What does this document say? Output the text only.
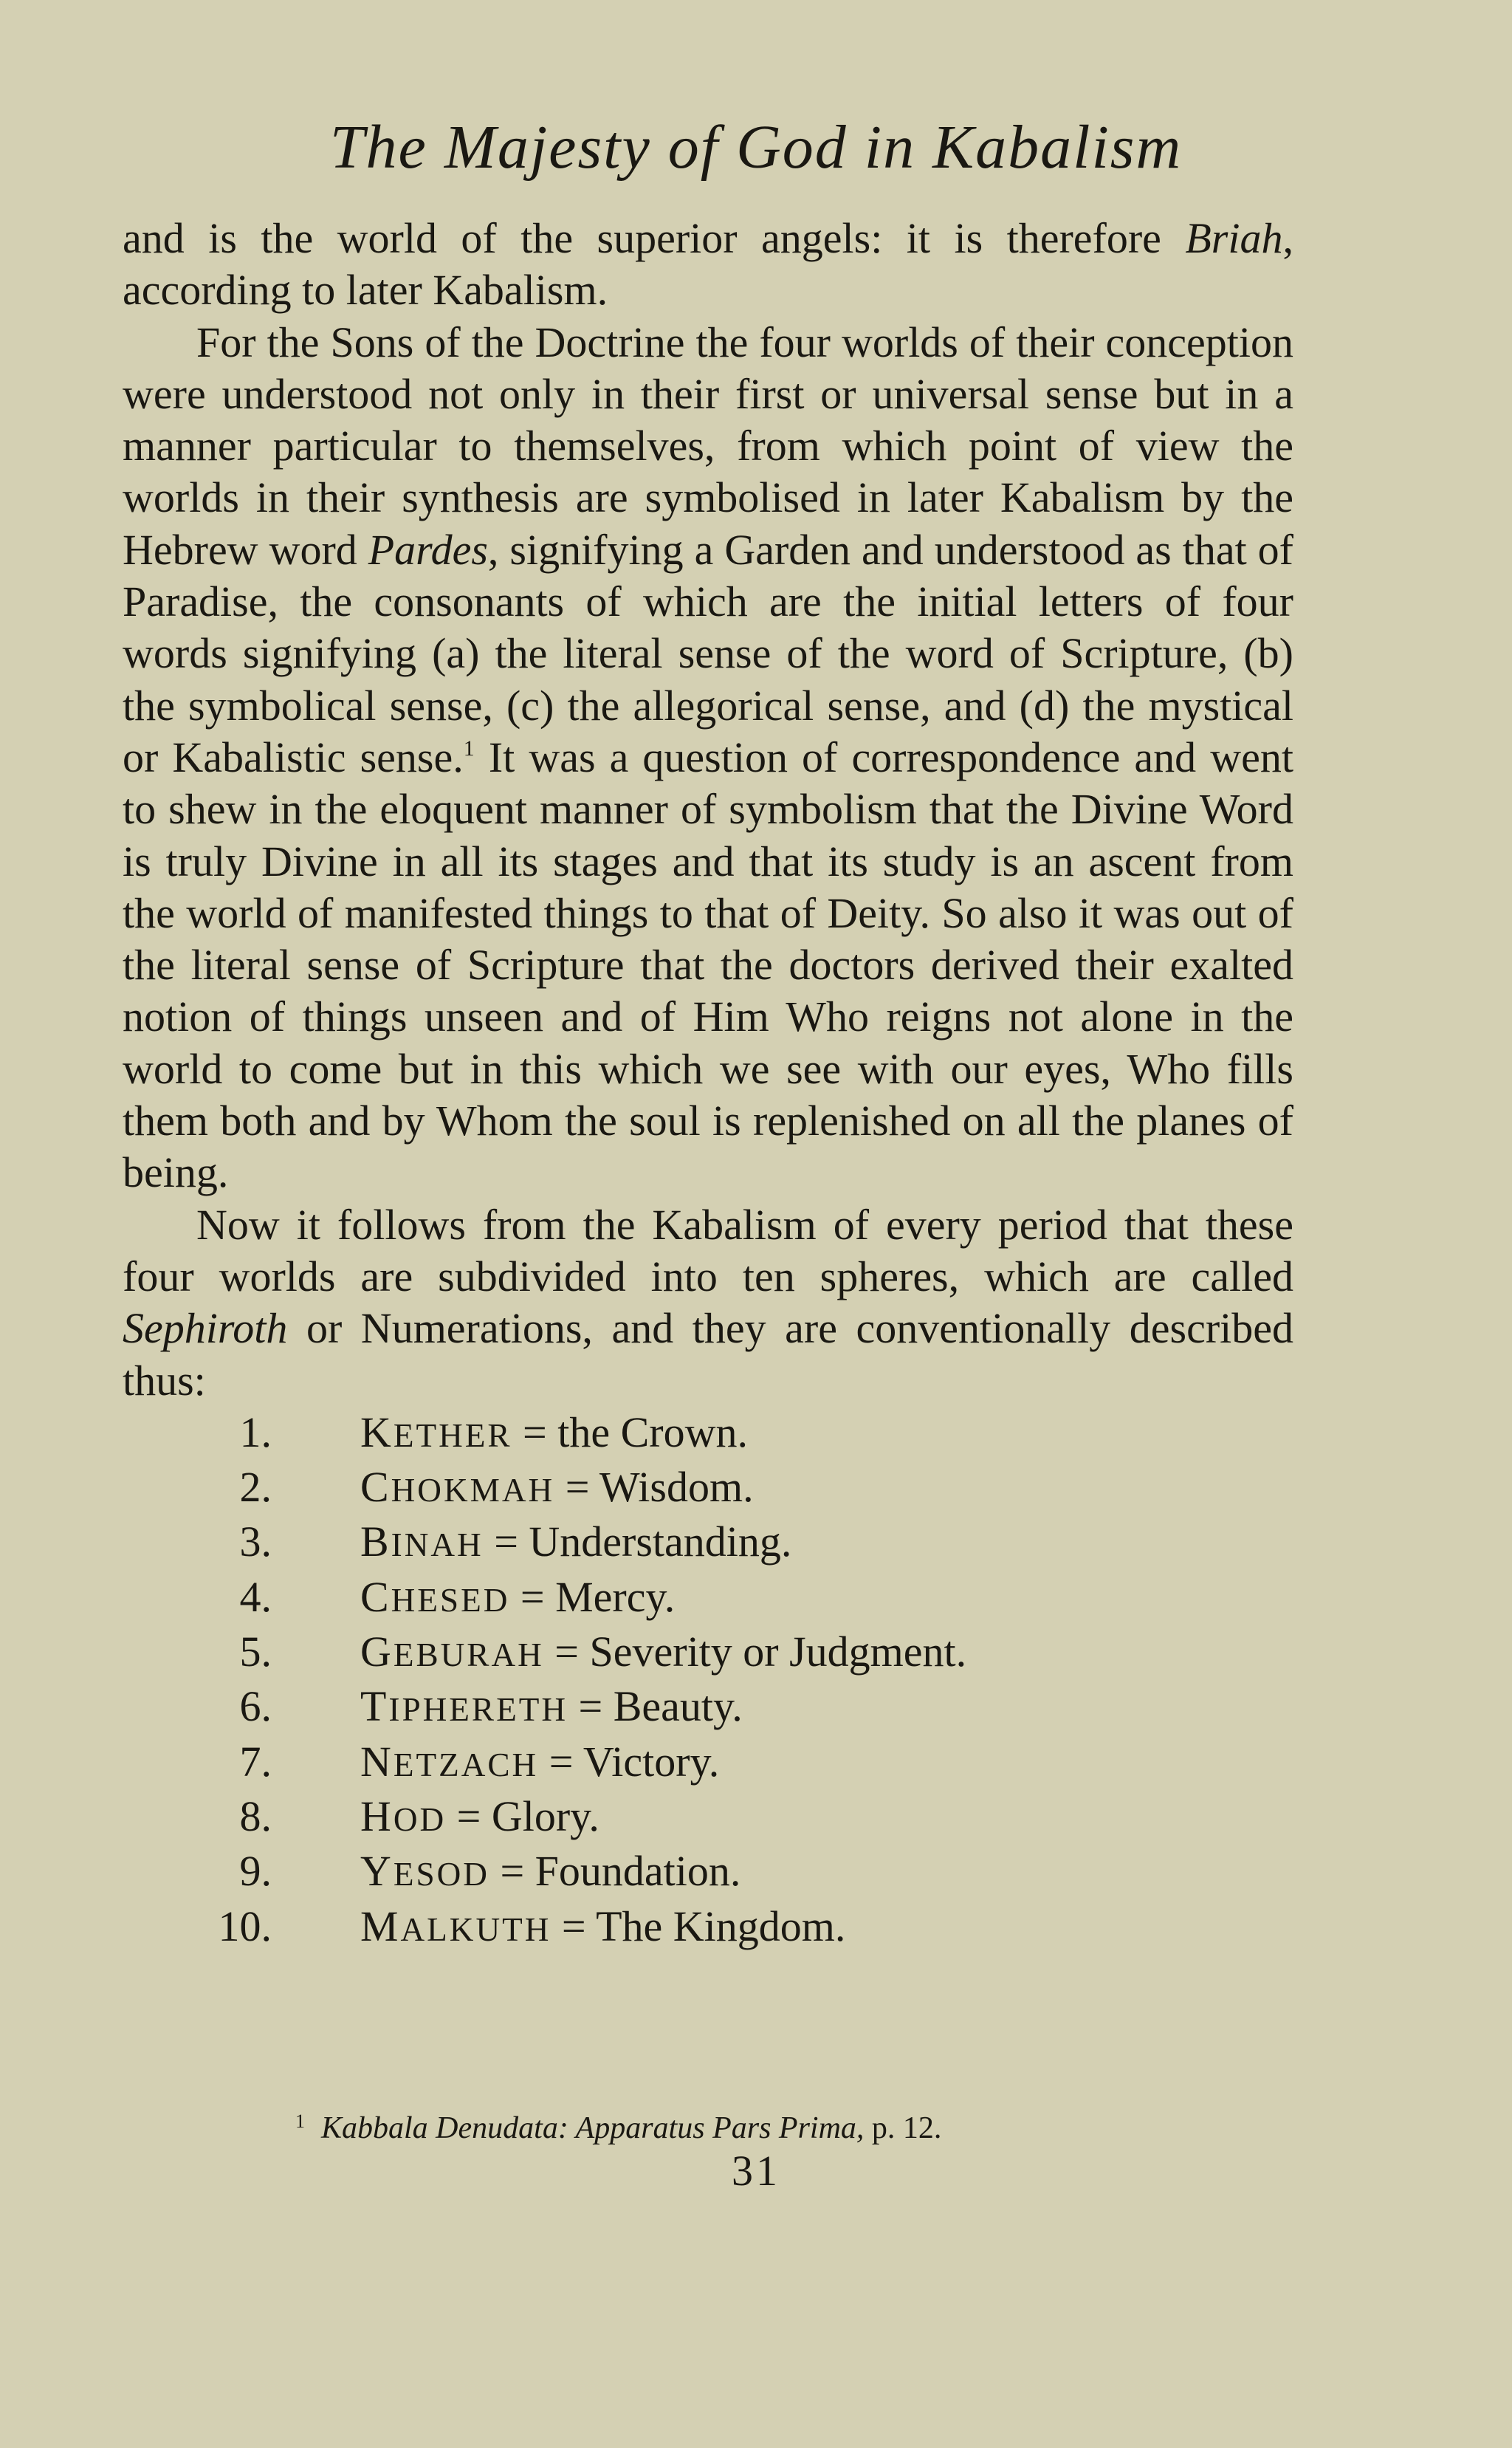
The Majesty of God in Kabalism

and is the world of the superior angels: it is therefore Briah, according to later Kabalism.

For the Sons of the Doctrine the four worlds of their conception were understood not only in their first or universal sense but in a manner particular to themselves, from which point of view the worlds in their synthesis are symbolised in later Kabalism by the Hebrew word Pardes, signifying a Garden and understood as that of Paradise, the consonants of which are the initial letters of four words signifying (a) the literal sense of the word of Scripture, (b) the symbolical sense, (c) the allegorical sense, and (d) the mystical or Kabalistic sense.$^1$ It was a question of correspondence and went to shew in the eloquent manner of symbolism that the Divine Word is truly Divine in all its stages and that its study is an ascent from the world of manifested things to that of Deity. So also it was out of the literal sense of Scripture that the doctors derived their exalted notion of things unseen and of Him Who reigns not alone in the world to come but in this which we see with our eyes, Who fills them both and by Whom the soul is replenished on all the planes of being.

Now it follows from the Kabalism of every period that these four worlds are subdivided into ten spheres, which are called Sephiroth or Numerations, and they are conventionally described thus:

1. KETHER = the Crown.
2. CHOKMAH = Wisdom.
3. BINAH = Understanding.
4. CHESED = Mercy.
5. GEBURAH = Severity or Judgment.
6. TIPHERETH = Beauty.
7. NETZACH = Victory.
8. HOD = Glory.
9. YESOD = Foundation.
10. MALKUTH = The Kingdom.
$^1$ Kabbala Denudata: Apparatus Pars Prima, p. 12.
31
